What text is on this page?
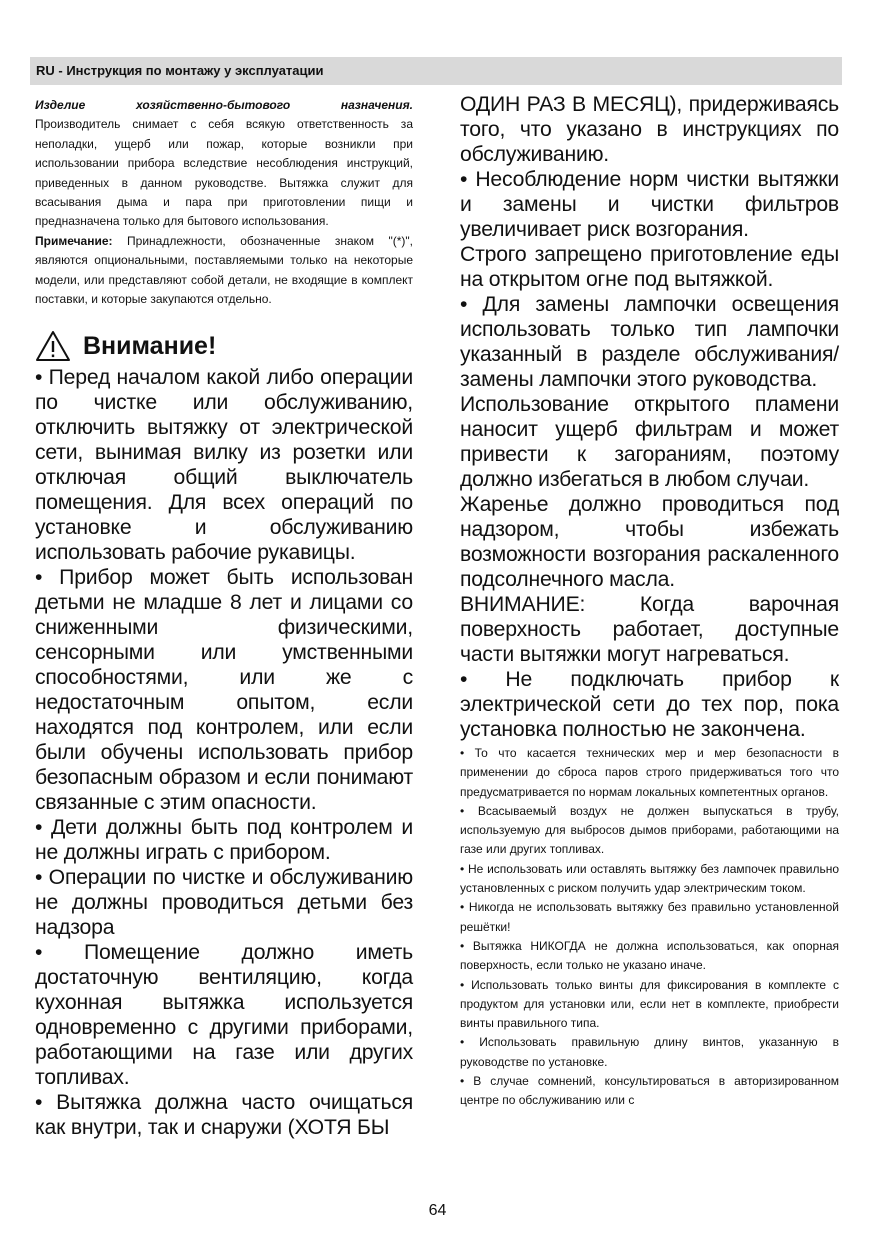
RU - Инструкция по монтажу у эксплуатации

Изделие хозяйственно-бытового назначения.

Производитель снимает с себя всякую ответственность за неполадки, ущерб или пожар, которые возникли при использовании прибора вследствие несоблюдения инструкций, приведенных в данном руководстве. Вытяжка служит для всасывания дыма и пара при приготовлении пищи и предназначена только для бытового использования.

Примечание: Принадлежности, обозначенные знаком "(*)", являются опциональными, поставляемыми только на некоторые модели, или представляют собой детали, не входящие в комплект поставки, и которые закупаются отдельно.

Внимание!

• Перед началом какой либо операции по чистке или обслуживанию, отключить вытяжку от электрической сети, вынимая вилку из розетки или отключая общий выключатель помещения. Для всех операций по установке и обслуживанию использовать рабочие рукавицы.

• Прибор может быть использован детьми не младше 8 лет и лицами со сниженными физическими, сенсорными или умственными способностями, или же с недостаточным опытом, если находятся под контролем, или если были обучены использовать прибор безопасным образом и если понимают связанные с этим опасности.

• Дети должны быть под контролем и не должны играть с прибором.

• Операции по чистке и обслуживанию не должны проводиться детьми без надзора

• Помещение должно иметь достаточную вентиляцию, когда кухонная вытяжка используется одновременно с другими приборами, работающими на газе или других топливах.

• Вытяжка должна часто очищаться как внутри, так и снаружи (ХОТЯ БЫ

ОДИН РАЗ В МЕСЯЦ), придерживаясь того, что указано в инструкциях по обслуживанию.

• Несоблюдение норм чистки вытяжки и замены и чистки фильтров увеличивает риск возгорания.

Строго запрещено приготовление еды на открытом огне под вытяжкой.

• Для замены лампочки освещения использовать только тип лампочки указанный в разделе обслуживания/замены лампочки этого руководства.

Использование открытого пламени наносит ущерб фильтрам и может привести к загораниям, поэтому должно избегаться в любом случаи.

Жаренье должно проводиться под надзором, чтобы избежать возможности возгорания раскаленного подсолнечного масла.

ВНИМАНИЕ: Когда варочная поверхность работает, доступные части вытяжки могут нагреваться.

• Не подключать прибор к электрической сети до тех пор, пока установка полностью не закончена.

• То что касается технических мер и мер безопасности в применении до сброса паров строго придерживаться того что предусматривается по нормам локальных компетентных органов.

• Всасываемый воздух не должен выпускаться в трубу, используемую для выбросов дымов приборами, работающими на газе или других топливах.

• Не использовать или оставлять вытяжку без лампочек правильно установленных с риском получить удар электрическим током.

• Никогда не использовать вытяжку без правильно установленной решётки!

• Вытяжка НИКОГДА не должна использоваться, как опорная поверхность, если только не указано иначе.

• Использовать только винты для фиксирования в комплекте с продуктом для установки или, если нет в комплекте, приобрести винты правильного типа.

• Использовать правильную длину винтов, указанную в руководстве по установке.

• В случае сомнений, консультироваться в авторизированном центре по обслуживанию или с

64
